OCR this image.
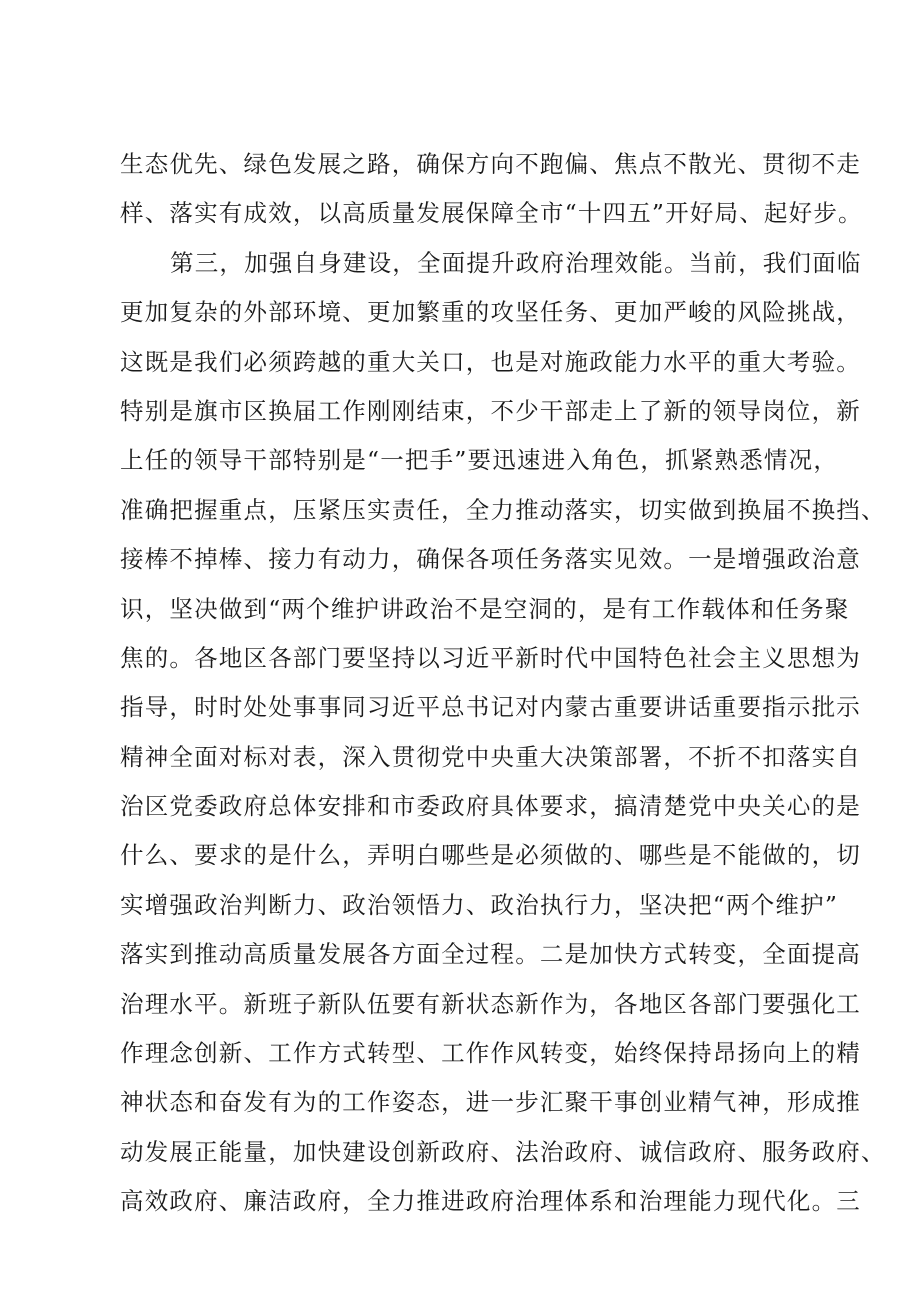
生态优先、绿色发展之路，确保方向不跑偏、焦点不散光、贯彻不走
样、落实有成效，以高质量发展保障全市“十四五”开好局、起好步。
第三，加强自身建设，全面提升政府治理效能。当前，我们面临
更加复杂的外部环境、更加繁重的攻坚任务、更加严峻的风险挑战，
这既是我们必须跨越的重大关口，也是对施政能力水平的重大考验。
特别是旗市区换届工作刚刚结束，不少干部走上了新的领导岗位，新
上任的领导干部特别是“一把手”要迅速进入角色，抓紧熟悉情况，
准确把握重点，压紧压实责任，全力推动落实，切实做到换届不换挡、
接棒不掉棒、接力有动力，确保各项任务落实见效。一是增强政治意
识，坚决做到“两个维护讲政治不是空洞的，是有工作载体和任务聚
焦的。各地区各部门要坚持以习近平新时代中国特色社会主义思想为
指导，时时处处事事同习近平总书记对内蒙古重要讲话重要指示批示
精神全面对标对表，深入贯彻党中央重大决策部署，不折不扣落实自
治区党委政府总体安排和市委政府具体要求，搞清楚党中央关心的是
什么、要求的是什么，弄明白哪些是必须做的、哪些是不能做的，切
实增强政治判断力、政治领悟力、政治执行力，坚决把“两个维护”
落实到推动高质量发展各方面全过程。二是加快方式转变，全面提高
治理水平。新班子新队伍要有新状态新作为，各地区各部门要强化工
作理念创新、工作方式转型、工作作风转变，始终保持昂扬向上的精
神状态和奋发有为的工作姿态，进一步汇聚干事创业精气神，形成推
动发展正能量，加快建设创新政府、法治政府、诚信政府、服务政府、
高效政府、廉洁政府，全力推进政府治理体系和治理能力现代化。三
